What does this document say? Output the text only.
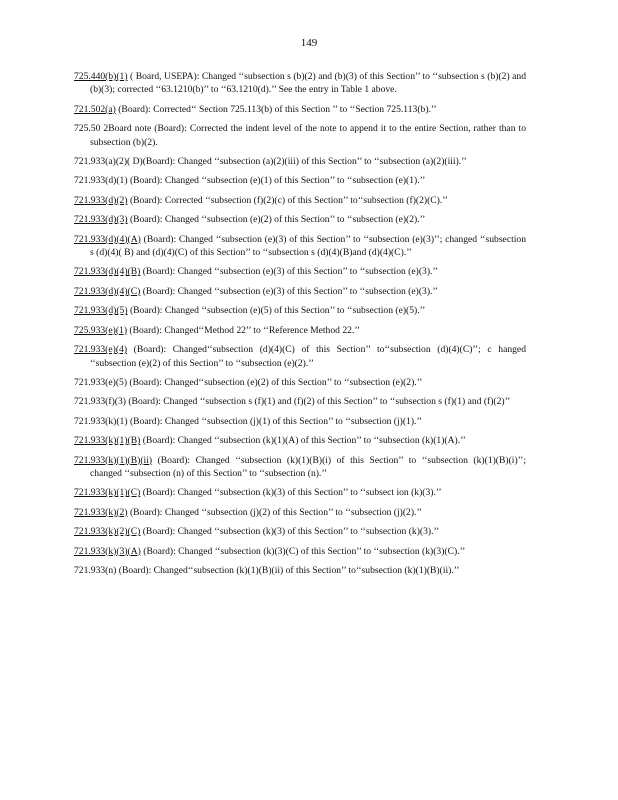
149

725.440(b)(1) ( Board, USEPA): Changed ‘‘subsection s (b)(2) and (b)(3) of this Section’’ to ‘‘subsection s (b)(2) and (b)(3); corrected ‘‘63.1210(b)’’ to ‘‘63.1210(d).’’ See the entry in Table 1 above.

721.502(a) (Board): Corrected‘‘ Section 725.113(b) of this Section ’’ to ‘‘Section 725.113(b).’’

725.50 2Board note (Board): Corrected the indent level of the note to append it to the entire Section, rather than to subsection (b)(2).

721.933(a)(2)( D)(Board): Changed ‘‘subsection (a)(2)(iii) of this Section’’ to ‘‘subsection (a)(2)(iii).’’

721.933(d)(1) (Board): Changed ‘‘subsection (e)(1) of this Section’’ to ‘‘subsection (e)(1).’’

721.933(d)(2) (Board): Corrected ‘‘subsection (f)(2)(c) of this Section’’ to‘‘subsection (f)(2)(C).’’

721.933(d)(3) (Board): Changed ‘‘subsection (e)(2) of this Section’’ to ‘‘subsection (e)(2).’’

721.933(d)(4)(A) (Board): Changed ‘‘subsection (e)(3) of this Section’’ to ‘‘subsection (e)(3)’’; changed ‘‘subsection s (d)(4)( B) and (d)(4)(C) of this Section’’ to ‘‘subsection s (d)(4)(B)and (d)(4)(C).’’

721.933(d)(4)(B) (Board): Changed ‘‘subsection (e)(3) of this Section’’ to ‘‘subsection (e)(3).’’

721.933(d)(4)(C) (Board): Changed ‘‘subsection (e)(3) of this Section’’ to ‘‘subsection (e)(3).’’

721.933(d)(5) (Board): Changed ‘‘subsection (e)(5) of this Section’’ to ‘‘subsection (e)(5).’’

725.933(e)(1) (Board): Changed‘‘Method 22’’ to ‘‘Reference Method 22.’’

721.933(e)(4) (Board): Changed‘‘subsection (d)(4)(C) of this Section’’ to‘‘subsection (d)(4)(C)’’; c hanged ‘‘subsection (e)(2) of this Section’’ to ‘‘subsection (e)(2).’’

721.933(e)(5) (Board): Changed‘‘subsection (e)(2) of this Section’’ to ‘‘subsection (e)(2).’’

721.933(f)(3) (Board): Changed ‘‘subsection s (f)(1) and (f)(2) of this Section’’ to ‘‘subsection s (f)(1) and (f)(2)’’

721.933(k)(1) (Board): Changed ‘‘subsection (j)(1) of this Section’’ to ‘‘subsection (j)(1).’’

721.933(k)(1)(B) (Board): Changed ‘‘subsection (k)(1)(A) of this Section’’ to ‘‘subsection (k)(1)(A).’’

721.933(k)(1)(B)(ii) (Board): Changed ‘‘subsection (k)(1)(B)(i) of this Section’’ to ‘‘subsection (k)(1)(B)(i)’’; changed ‘‘subsection (n) of this Section’’ to ‘‘subsection (n).’’

721.933(k)(1)(C) (Board): Changed ‘‘subsection (k)(3) of this Section’’ to ‘‘subsect ion (k)(3).’’

721.933(k)(2) (Board): Changed ‘‘subsection (j)(2) of this Section’’ to ‘‘subsection (j)(2).’’

721.933(k)(2)(C) (Board): Changed ‘‘subsection (k)(3) of this Section’’ to ‘‘subsection (k)(3).’’

721.933(k)(3)(A) (Board): Changed ‘‘subsection (k)(3)(C) of this Section’’ to ‘‘subsection (k)(3)(C).’’

721.933(n) (Board): Changed‘‘subsection (k)(1)(B)(ii) of this Section’’ to‘‘subsection (k)(1)(B)(ii).’’
